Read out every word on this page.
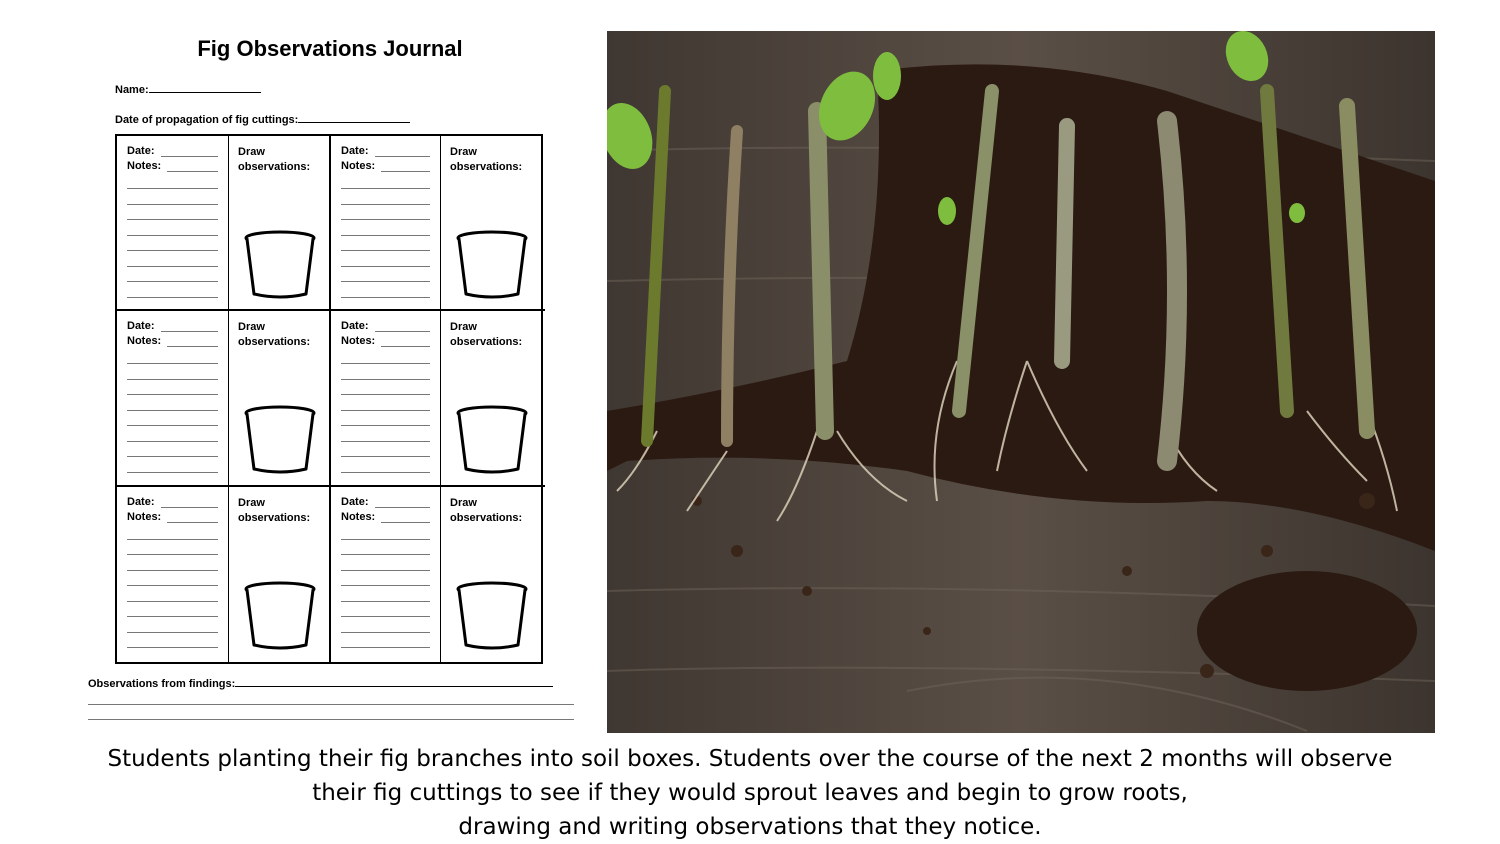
Fig Observations Journal
Name:
Date of propagation of fig cuttings:
Date:
Notes:
Draw
observations:
Date:
Notes:
Draw
observations:
Date:
Notes:
Draw
observations:
Date:
Notes:
Draw
observations:
Date:
Notes:
Draw
observations:
Date:
Notes:
Draw
observations:
Observations from findings:
Students planting their fig branches into soil boxes. Students over the course of the next 2 months will observe
their fig cuttings to see if they would sprout leaves and begin to grow roots,
drawing and writing observations that they notice.
